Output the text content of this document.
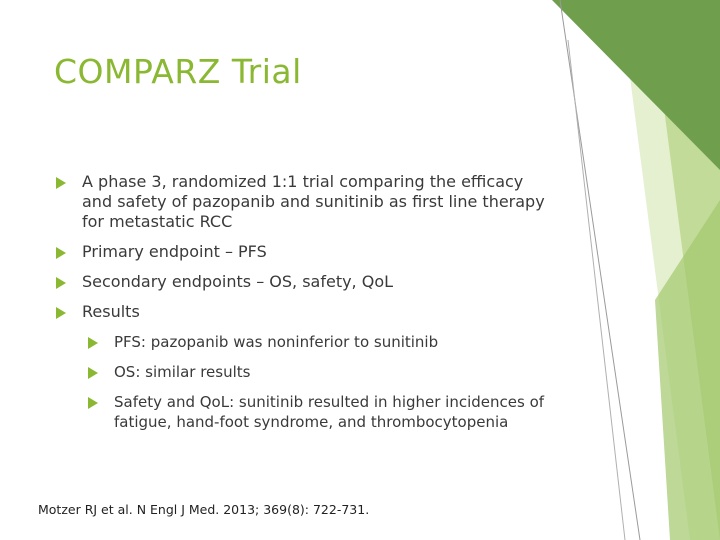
COMPARZ Trial
A phase 3, randomized 1:1 trial comparing the efficacy and safety of pazopanib and sunitinib as first line therapy for metastatic RCC
Primary endpoint – PFS
Secondary endpoints – OS, safety, QoL
Results
PFS: pazopanib was noninferior to sunitinib
OS: similar results
Safety and QoL: sunitinib resulted in higher incidences of fatigue, hand-foot syndrome, and thrombocytopenia
Motzer RJ et al. N Engl J Med. 2013; 369(8): 722-731.
